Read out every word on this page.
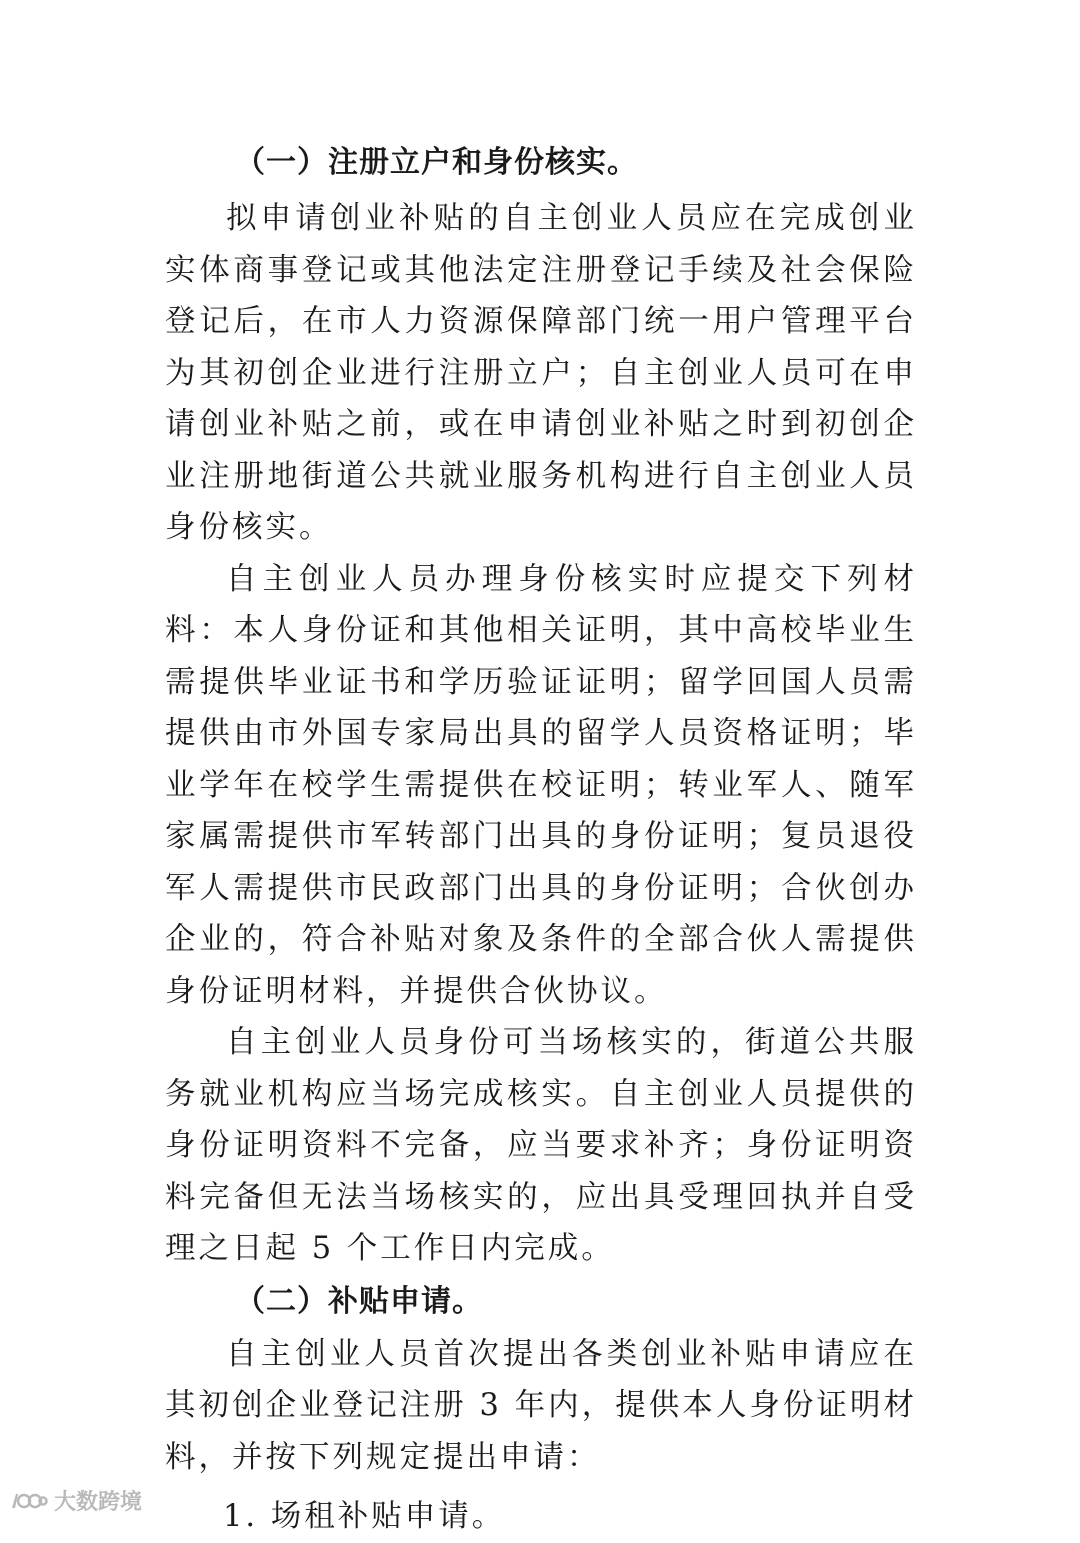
（一）注册立户和身份核实。

拟申请创业补贴的自主创业人员应在完成创业实体商事登记或其他法定注册登记手续及社会保险登记后，在市人力资源保障部门统一用户管理平台为其初创企业进行注册立户；自主创业人员可在申请创业补贴之前，或在申请创业补贴之时到初创企业注册地街道公共就业服务机构进行自主创业人员身份核实。

自主创业人员办理身份核实时应提交下列材料：本人身份证和其他相关证明，其中高校毕业生需提供毕业证书和学历验证证明；留学回国人员需提供由市外国专家局出具的留学人员资格证明；毕业学年在校学生需提供在校证明；转业军人、随军家属需提供市军转部门出具的身份证明；复员退役军人需提供市民政部门出具的身份证明；合伙创办企业的，符合补贴对象及条件的全部合伙人需提供身份证明材料，并提供合伙协议。

自主创业人员身份可当场核实的，街道公共服务就业机构应当场完成核实。自主创业人员提供的身份证明资料不完备，应当要求补齐；身份证明资料完备但无法当场核实的，应出具受理回执并自受理之日起 5 个工作日内完成。

（二）补贴申请。

自主创业人员首次提出各类创业补贴申请应在其初创企业登记注册 3 年内，提供本人身份证明材料，并按下列规定提出申请：

1. 场租补贴申请。

大数跨境
